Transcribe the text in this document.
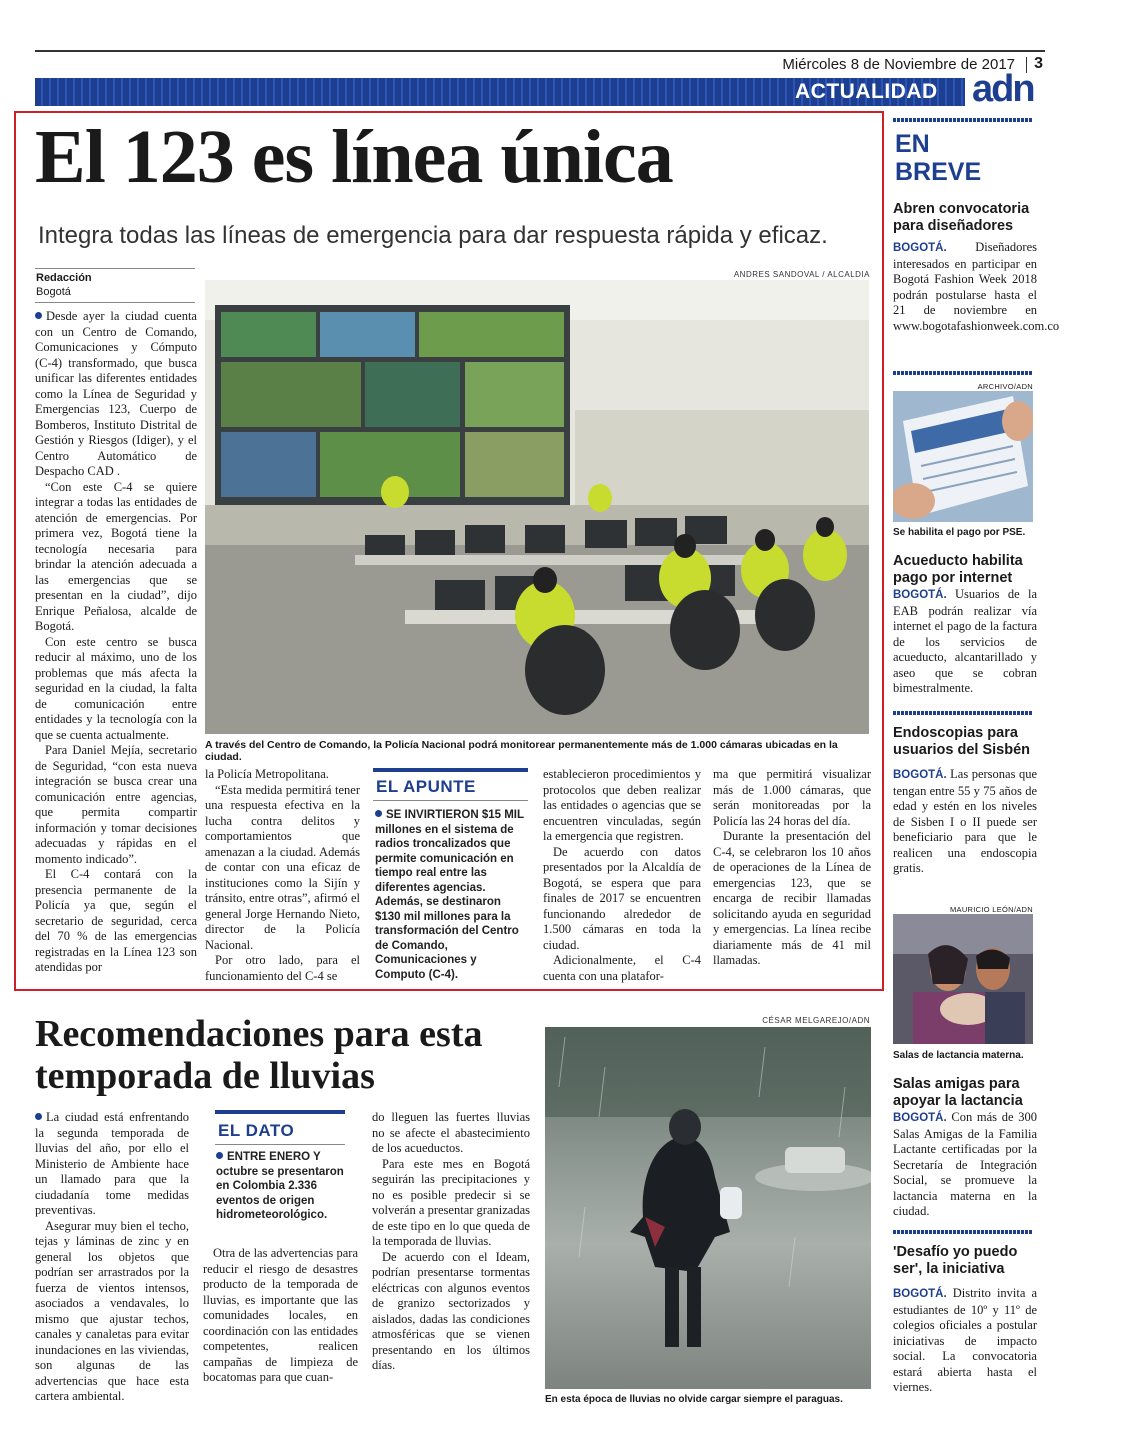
Miércoles 8 de Noviembre de 2017 3
ACTUALIDAD adn
El 123 es línea única
Integra todas las líneas de emergencia para dar respuesta rápida y eficaz.
Redacción
Bogotá

Desde ayer la ciudad cuenta con un Centro de Comando, Comunicaciones y Cómputo (C-4) transformado, que busca unificar las diferentes entidades como la Línea de Seguridad y Emergencias 123, Cuerpo de Bomberos, Instituto Distrital de Gestión y Riesgos (Idiger), y el Centro Automático de Despacho CAD .

“Con este C-4 se quiere integrar a todas las entidades de atención de emergencias. Por primera vez, Bogotá tiene la tecnología necesaria para brindar la atención adecuada a las emergencias que se presentan en la ciudad”, dijo Enrique Peñalosa, alcalde de Bogotá.

Con este centro se busca reducir al máximo, uno de los problemas que más afecta la seguridad en la ciudad, la falta de comunicación entre entidades y la tecnología con la que se cuenta actualmente.

Para Daniel Mejía, secretario de Seguridad, “con esta nueva integración se busca crear una comunicación entre agencias, que permita compartir información y tomar decisiones adecuadas y rápidas en el momento indicado”.

El C-4 contará con la presencia permanente de la Policía ya que, según el secretario de seguridad, cerca del 70 % de las emergencias registradas en la Línea 123 son atendidas por

ANDRES SANDOVAL / ALCALDIA
A través del Centro de Comando, la Policía Nacional podrá monitorear permanentemente más de 1.000 cámaras ubicadas en la ciudad.

la Policía Metropolitana.

“Esta medida permitirá tener una respuesta efectiva en la lucha contra delitos y comportamientos que amenazan a la ciudad. Además de contar con una eficaz de instituciones como la Sijín y tránsito, entre otras”, afirmó el general Jorge Hernando Nieto, director de la Policía Nacional.

Por otro lado, para el funcionamiento del C-4 se

EL APUNTE
SE INVIRTIERON $15 MIL millones en el sistema de radios troncalizados que permite comunicación en tiempo real entre las diferentes agencias. Además, se destinaron $130 mil millones para la transformación del Centro de Comando, Comunicaciones y Computo (C-4).

establecieron procedimientos y protocolos que deben realizar las entidades o agencias que se encuentren vinculadas, según la emergencia que registren.

De acuerdo con datos presentados por la Alcaldía de Bogotá, se espera que para finales de 2017 se encuentren funcionando alrededor de 1.500 cámaras en toda la ciudad.

Adicionalmente, el C-4 cuenta con una platafor-

ma que permitirá visualizar más de 1.000 cámaras, que serán monitoreadas por la Policía las 24 horas del día.

Durante la presentación del C-4, se celebraron los 10 años de operaciones de la Línea de emergencias 123, que se encarga de recibir llamadas solicitando ayuda en seguridad y emergencias. La línea recibe diariamente más de 41 mil llamadas.

Recomendaciones para esta temporada de lluvias

La ciudad está enfrentando la segunda temporada de lluvias del año, por ello el Ministerio de Ambiente hace un llamado para que la ciudadanía tome medidas preventivas.

Asegurar muy bien el techo, tejas y láminas de zinc y en general los objetos que podrían ser arrastrados por la fuerza de vientos intensos, asociados a vendavales, lo mismo que ajustar techos, canales y canaletas para evitar inundaciones en las viviendas, son algunas de las advertencias que hace esta cartera ambiental.

EL DATO
ENTRE ENERO Y octubre se presentaron en Colombia 2.336 eventos de origen hidrometeorológico.

Otra de las advertencias para reducir el riesgo de desastres producto de la temporada de lluvias, es importante que las comunidades locales, en coordinación con las entidades competentes, realicen campañas de limpieza de bocatomas para que cuan-

do lleguen las fuertes lluvias no se afecte el abastecimiento de los acueductos.

Para este mes en Bogotá seguirán las precipitaciones y no es posible predecir si se volverán a presentar granizadas de este tipo en lo que queda de la temporada de lluvias.

De acuerdo con el Ideam, podrían presentarse tormentas eléctricas con algunos eventos de granizo sectorizados y aislados, dadas las condiciones atmosféricas que se vienen presentando en los últimos días.

CÉSAR MELGAREJO/ADN
En esta época de lluvias no olvide cargar siempre el paraguas.
EN
BREVE
Abren convocatoria para diseñadores
BOGOTÁ. Diseñadores interesados en participar en Bogotá Fashion Week 2018 podrán postularse hasta el 21 de noviembre en www.bogotafashionweek.com.co
ARCHIVO/ADN
Se habilita el pago por PSE.
Acueducto habilita pago por internet
BOGOTÁ. Usuarios de la EAB podrán realizar vía internet el pago de la factura de los servicios de acueducto, alcantarillado y aseo que se cobran bimestralmente.
Endoscopias para usuarios del Sisbén
BOGOTÁ. Las personas que tengan entre 55 y 75 años de edad y estén en los niveles de Sisben I o II puede ser beneficiario para que le realicen una endoscopia gratis.
MAURICIO LEÓN/ADN
Salas de lactancia materna.
Salas amigas para apoyar la lactancia
BOGOTÁ. Con más de 300 Salas Amigas de la Familia Lactante certificadas por la Secretaría de Integración Social, se promueve la lactancia materna en la ciudad.
'Desafío yo puedo ser', la iniciativa
BOGOTÁ. Distrito invita a estudiantes de 10º y 11º de colegios oficiales a postular iniciativas de impacto social. La convocatoria estará abierta hasta el viernes.
